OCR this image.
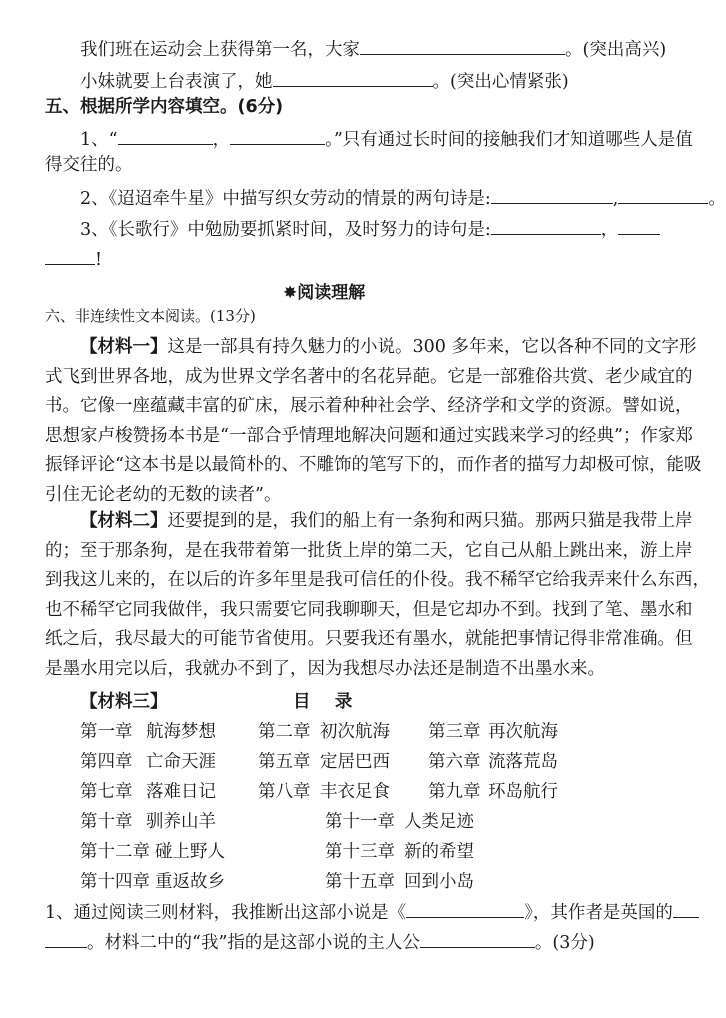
我们班在运动会上获得第一名，大家	。(突出高兴)
小妹就要上台表演了，她	。(突出心情紧张)
五、根据所学内容填空。(6分)
1、“	，	。”只有通过长时间的接触我们才知道哪些人是值
得交往的。
2、《迢迢牵牛星》中描写织女劳动的情景的两句诗是:	,	。
3、《长歌行》中勉励要抓紧时间，及时努力的诗句是:	，
!
✸阅读理解
六、非连续性文本阅读。(13分)
【材料一】这是一部具有持久魅力的小说。300 多年来，它以各种不同的文字形
式飞到世界各地，成为世界文学名著中的名花异葩。它是一部雅俗共赏、老少咸宜的
书。它像一座蕴藏丰富的矿床，展示着种种社会学、经济学和文学的资源。譬如说，
思想家卢梭赞扬本书是“一部合乎情理地解决问题和通过实践来学习的经典”；作家郑
振铎评论“这本书是以最简朴的、不雕饰的笔写下的，而作者的描写力却极可惊，能吸
引住无论老幼的无数的读者”。
【材料二】还要提到的是，我们的船上有一条狗和两只猫。那两只猫是我带上岸
的；至于那条狗，是在我带着第一批货上岸的第二天，它自己从船上跳出来，游上岸
到我这儿来的，在以后的许多年里是我可信任的仆役。我不稀罕它给我弄来什么东西，
也不稀罕它同我做伴，我只需要它同我聊聊天，但是它却办不到。找到了笔、墨水和
纸之后，我尽最大的可能节省使用。只要我还有墨水，就能把事情记得非常准确。但
是墨水用完以后，我就办不到了，因为我想尽办法还是制造不出墨水来。
【材料三】	目    录
第一章 航海梦想 第二章 初次航海 第三章 再次航海
第四章 亡命天涯 第五章 定居巴西 第六章 流落荒岛
第七章 落难日记 第八章 丰衣足食 第九章 环岛航行
第十章 驯养山羊	第十一章 人类足迹
第十二章 碰上野人	第十三章 新的希望
第十四章 重返故乡	第十五章 回到小岛
1、通过阅读三则材料，我推断出这部小说是《	》，其作者是英国的
。材料二中的“我”指的是这部小说的主人公	。(3分)
